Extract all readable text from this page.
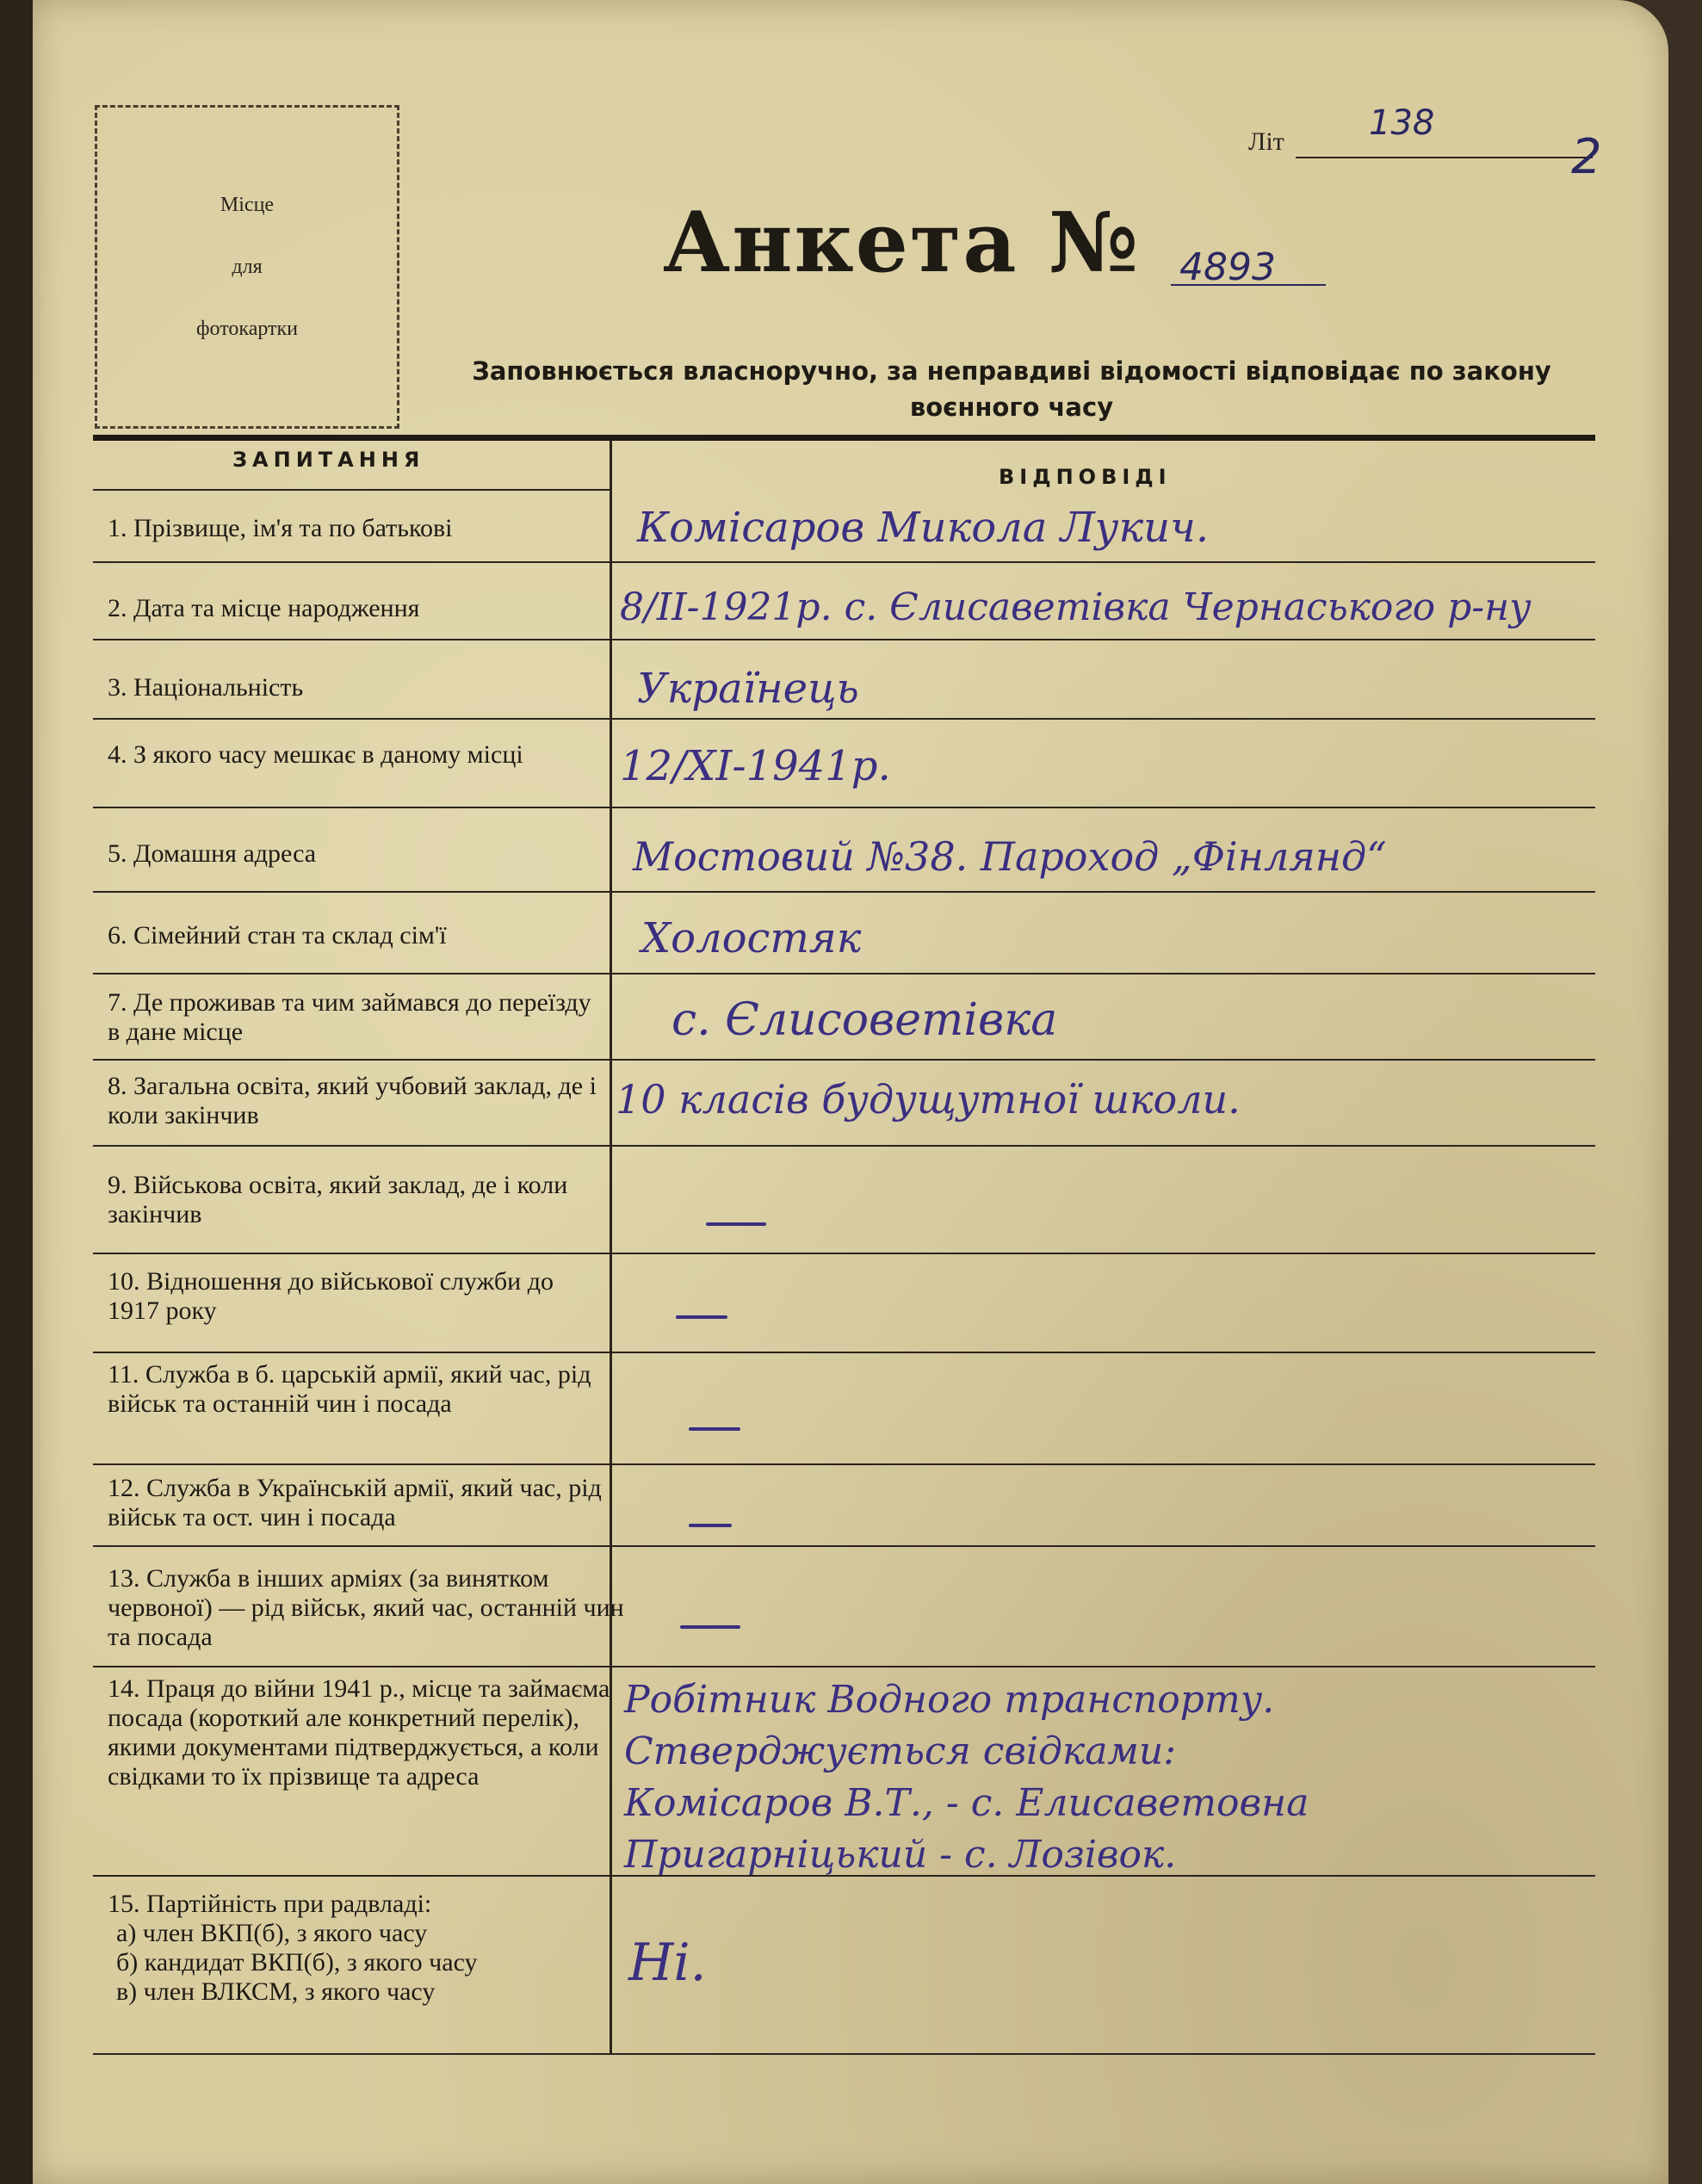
Місце
для
фотокартки
Літ 138
2
Анкета № 4893
Заповнюється власноручно, за неправдиві відомості відповідає по закону воєнного часу
ЗАПИТАННЯ
ВІДПОВІДІ
1. Прізвище, ім'я та по батькові
2. Дата та місце народження
3. Національність
4. З якого часу мешкає в даному місці
5. Домашня адреса
6. Сімейний стан та склад сім'ї
7. Де проживав та чим займався до переїзду в дане місце
8. Загальна освіта, який учбовий заклад, де і коли закінчив
9. Військова освіта, який заклад, де і коли закінчив
10. Відношення до військової служби до 1917 року
11. Служба в б. царській армії, який час, рід військ та останній чин і посада
12. Служба в Українській армії, який час, рід військ та ост. чин і посада
13. Служба в інших арміях (за винятком червоної) — рід військ, який час, останній чин та посада
14. Праця до війни 1941 р., місце та займаєма посада (короткий але конкретний перелік), якими документами підтверджується, а коли свідками то їх прізвище та адреса
15. Партійність при радвладі:
а) член ВКП(б), з якого часу
б) кандидат ВКП(б), з якого часу
в) член ВЛКСМ, з якого часу
Комісаров Микола Лукич.
8/II-1921р. с. Єлисаветівка Чернаського р-ну
Українець
12/XI-1941р.
Мостовий №38. Пароход „Фінлянд“
Холостяк
с. Єлисоветівка
10 класів будущутної школи.
Робітник Водного транспорту.
Стверджується свідками:
Комісаров В.Т., - с. Елисаветовна
Пригарніцький - с. Лозівок.
Ні.
